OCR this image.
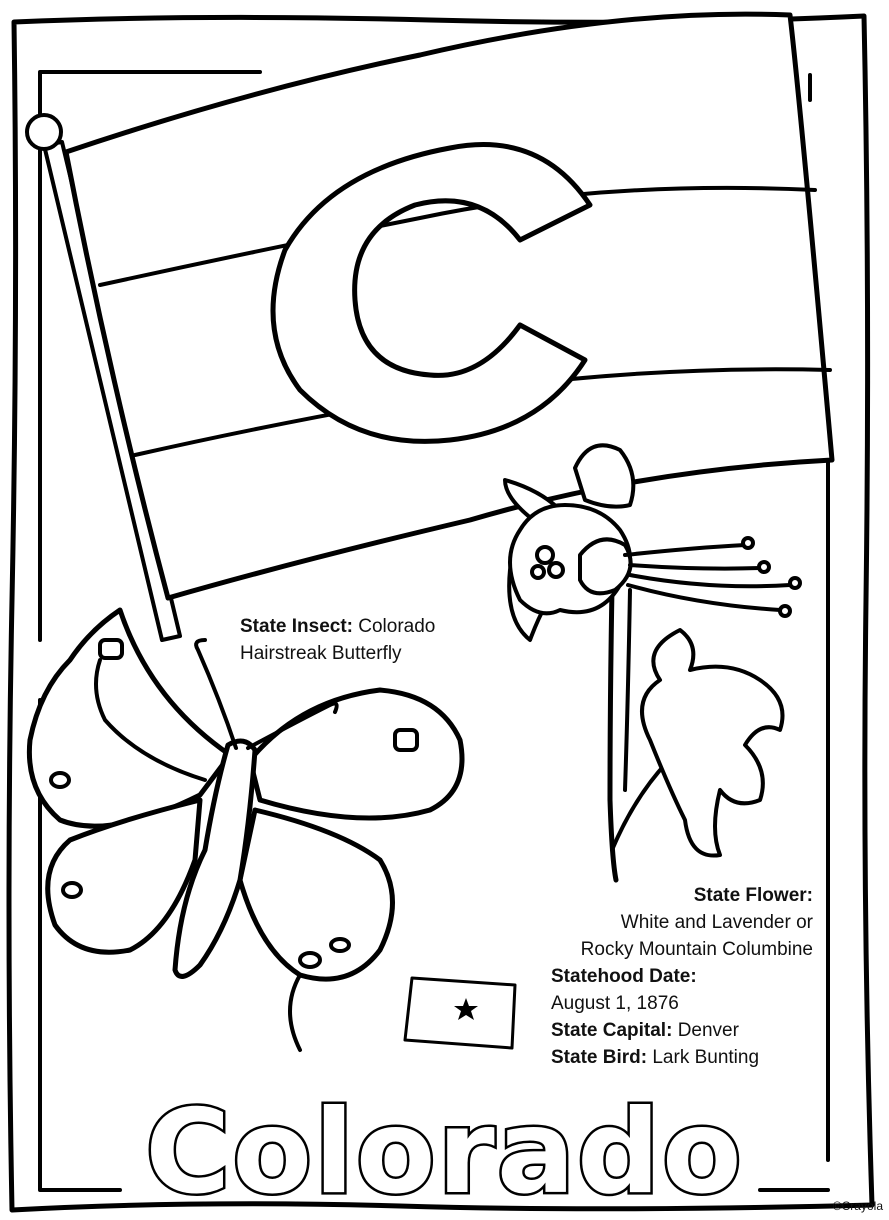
State Insect: Colorado
Hairstreak Butterfly
State Flower:
White and Lavender or
Rocky Mountain Columbine
Statehood Date:
August 1, 1876
State Capital: Denver
State Bird: Lark Bunting
Colorado	©Crayola
